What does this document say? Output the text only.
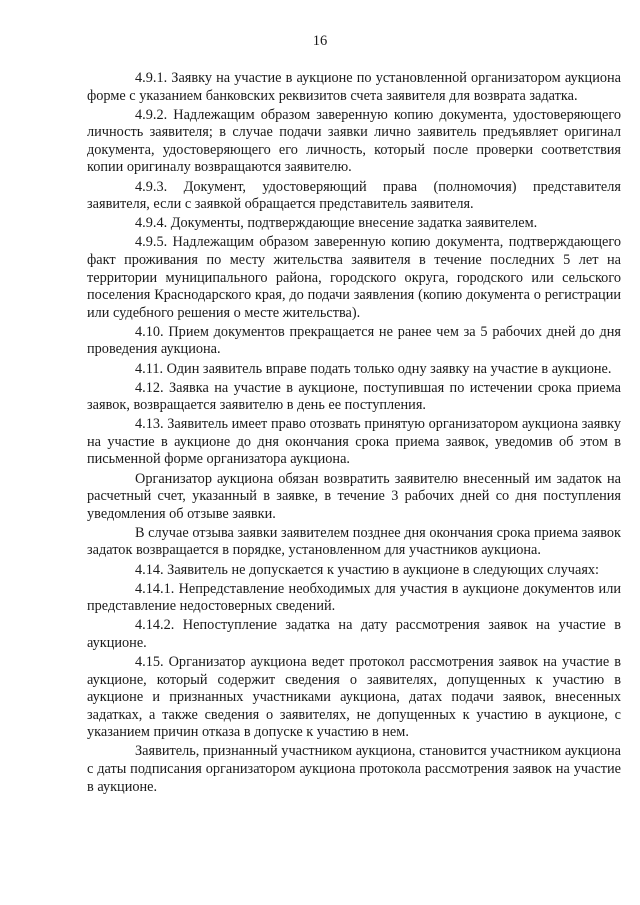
16

4.9.1. Заявку на участие в аукционе по установленной организатором аукциона форме с указанием банковских реквизитов счета заявителя для возврата задатка.

4.9.2. Надлежащим образом заверенную копию документа, удостоверяющего личность заявителя; в случае подачи заявки лично заявитель предъявляет оригинал документа, удостоверяющего его личность, который после проверки соответствия копии оригиналу возвращаются заявителю.

4.9.3. Документ, удостоверяющий права (полномочия) представителя заявителя, если с заявкой обращается представитель заявителя.

4.9.4. Документы, подтверждающие внесение задатка заявителем.

4.9.5. Надлежащим образом заверенную копию документа, подтверждающего факт проживания по месту жительства заявителя в течение последних 5 лет на территории муниципального района, городского округа, городского или сельского поселения Краснодарского края, до подачи заявления (копию документа о регистрации или судебного решения о месте жительства).

4.10. Прием документов прекращается не ранее чем за 5 рабочих дней до дня проведения аукциона.

4.11. Один заявитель вправе подать только одну заявку на участие в аукционе.

4.12. Заявка на участие в аукционе, поступившая по истечении срока приема заявок, возвращается заявителю в день ее поступления.

4.13. Заявитель имеет право отозвать принятую организатором аукциона заявку на участие в аукционе до дня окончания срока приема заявок, уведомив об этом в письменной форме организатора аукциона.

Организатор аукциона обязан возвратить заявителю внесенный им задаток на расчетный счет, указанный в заявке, в течение 3 рабочих дней со дня поступления уведомления об отзыве заявки.

В случае отзыва заявки заявителем позднее дня окончания срока приема заявок задаток возвращается в порядке, установленном для участников аукциона.

4.14. Заявитель не допускается к участию в аукционе в следующих случаях:

4.14.1. Непредставление необходимых для участия в аукционе документов или представление недостоверных сведений.

4.14.2. Непоступление задатка на дату рассмотрения заявок на участие в аукционе.

4.15. Организатор аукциона ведет протокол рассмотрения заявок на участие в аукционе, который содержит сведения о заявителях, допущенных к участию в аукционе и признанных участниками аукциона, датах подачи заявок, внесенных задатках, а также сведения о заявителях, не допущенных к участию в аукционе, с указанием причин отказа в допуске к участию в нем.

Заявитель, признанный участником аукциона, становится участником аукциона с даты подписания организатором аукциона протокола рассмотрения заявок на участие в аукционе.
